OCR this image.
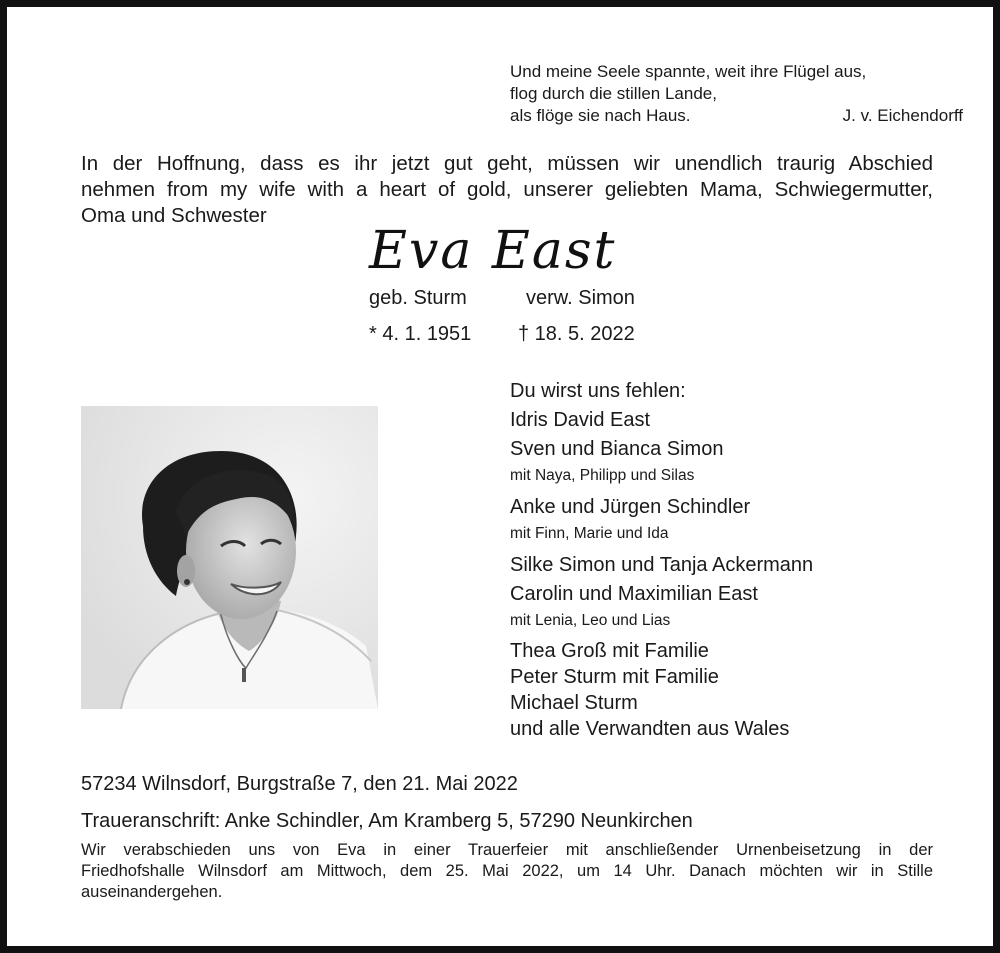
Und meine Seele spannte, weit ihre Flügel aus,
flog durch die stillen Lande,
als flöge sie nach Haus.	J. v. Eichendorff
In der Hoffnung, dass es ihr jetzt gut geht, müssen wir unendlich traurig Abschied
nehmen from my wife with a heart of gold, unserer geliebten Mama, Schwiegermutter,
Oma und Schwester
Eva East
geb. Sturm	verw. Simon
* 4. 1. 1951 † 18. 5. 2022
Du wirst uns fehlen:
Idris David East
Sven und Bianca Simon
mit Naya, Philipp und Silas
Anke und Jürgen Schindler
mit Finn, Marie und Ida
Silke Simon und Tanja Ackermann
Carolin und Maximilian East
mit Lenia, Leo und Lias
Thea Groß mit Familie
Peter Sturm mit Familie
Michael Sturm
und alle Verwandten aus Wales
57234 Wilnsdorf, Burgstraße 7, den 21. Mai 2022
Traueranschrift: Anke Schindler, Am Kramberg 5, 57290 Neunkirchen
Wir verabschieden uns von Eva in einer Trauerfeier mit anschließender Urnenbeisetzung in der
Friedhofshalle Wilnsdorf am Mittwoch, dem 25. Mai 2022, um 14 Uhr. Danach möchten wir in Stille
auseinandergehen.
